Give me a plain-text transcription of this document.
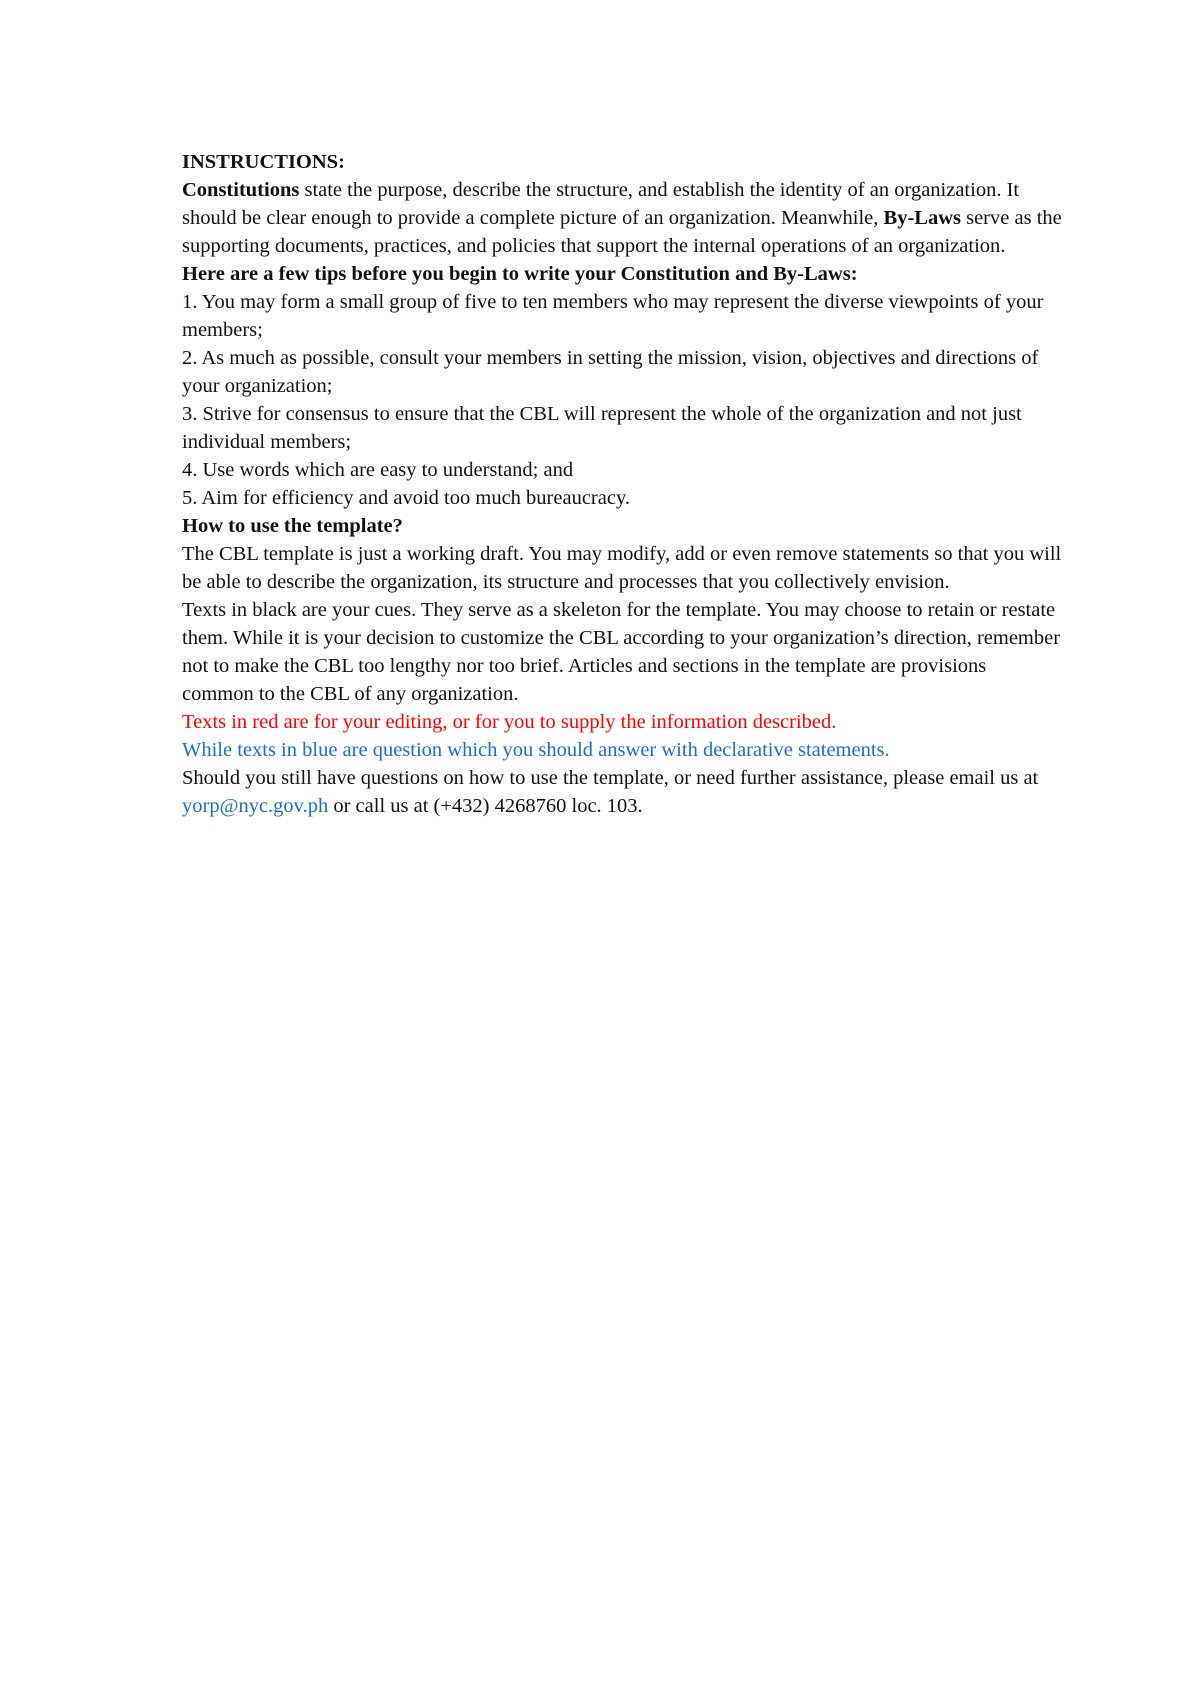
INSTRUCTIONS:

Constitutions state the purpose, describe the structure, and establish the identity of an organization. It should be clear enough to provide a complete picture of an organization. Meanwhile, By-Laws serve as the supporting documents, practices, and policies that support the internal operations of an organization.

Here are a few tips before you begin to write your Constitution and By-Laws:

1. You may form a small group of five to ten members who may represent the diverse viewpoints of your members;
2. As much as possible, consult your members in setting the mission, vision, objectives and directions of your organization;
3. Strive for consensus to ensure that the CBL will represent the whole of the organization and not just individual members;
4. Use words which are easy to understand; and
5. Aim for efficiency and avoid too much bureaucracy.

How to use the template?

The CBL template is just a working draft. You may modify, add or even remove statements so that you will be able to describe the organization, its structure and processes that you collectively envision.

Texts in black are your cues. They serve as a skeleton for the template. You may choose to retain or restate them. While it is your decision to customize the CBL according to your organization’s direction, remember not to make the CBL too lengthy nor too brief. Articles and sections in the template are provisions common to the CBL of any organization.

Texts in red are for your editing, or for you to supply the information described.

While texts in blue are question which you should answer with declarative statements.

Should you still have questions on how to use the template, or need further assistance, please email us at yorp@nyc.gov.ph or call us at (+432) 4268760 loc. 103.
